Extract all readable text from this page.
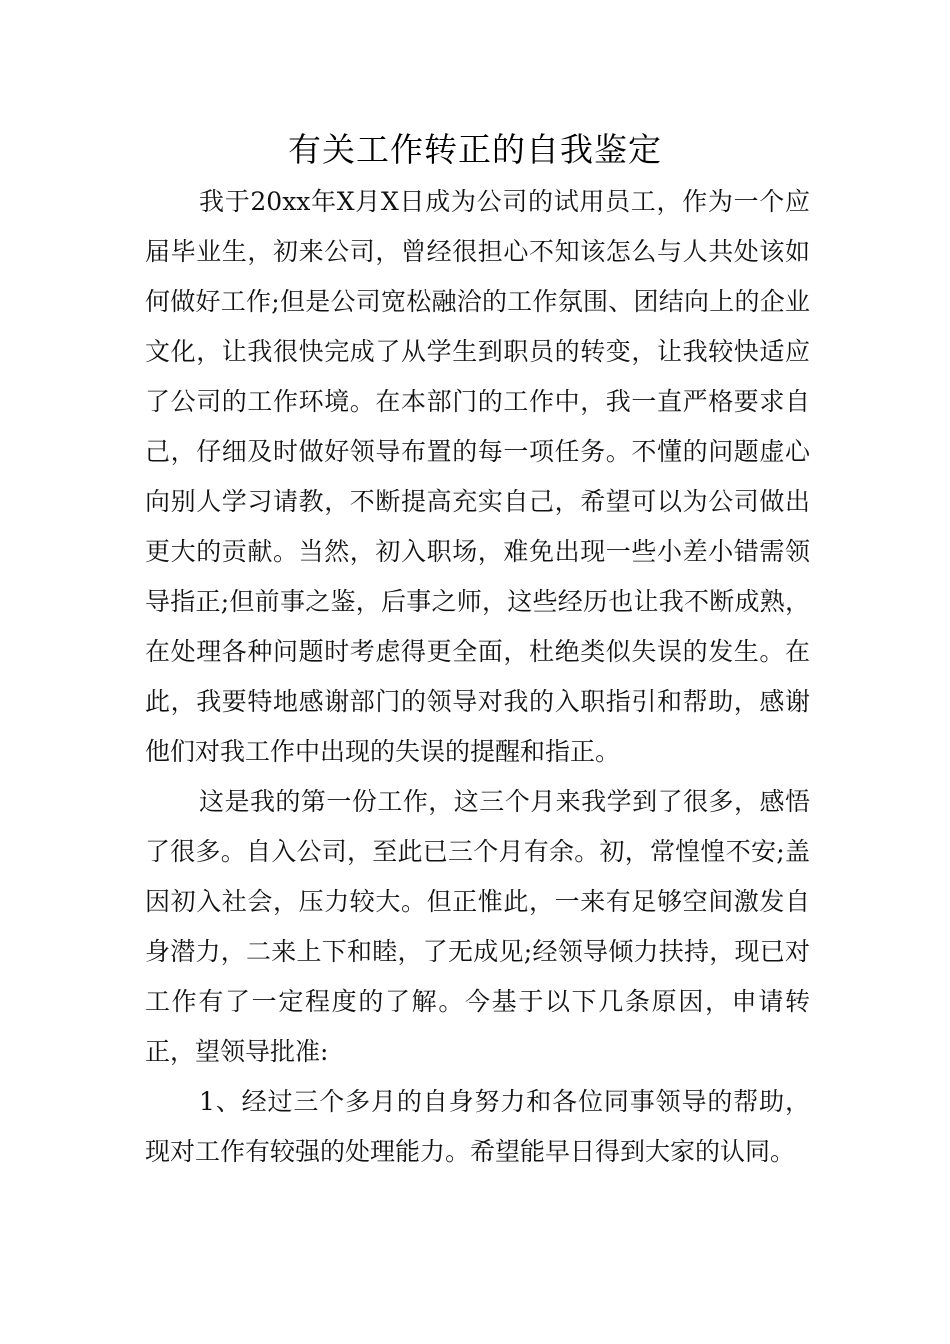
有关工作转正的自我鉴定

我于20xx年X月X日成为公司的试用员工，作为一个应届毕业生，初来公司，曾经很担心不知该怎么与人共处该如何做好工作;但是公司宽松融洽的工作氛围、团结向上的企业文化，让我很快完成了从学生到职员的转变，让我较快适应了公司的工作环境。在本部门的工作中，我一直严格要求自己，仔细及时做好领导布置的每一项任务。不懂的问题虚心向别人学习请教，不断提高充实自己，希望可以为公司做出更大的贡献。当然，初入职场，难免出现一些小差小错需领导指正;但前事之鉴，后事之师，这些经历也让我不断成熟，在处理各种问题时考虑得更全面，杜绝类似失误的发生。在此，我要特地感谢部门的领导对我的入职指引和帮助，感谢他们对我工作中出现的失误的提醒和指正。

这是我的第一份工作，这三个月来我学到了很多，感悟了很多。自入公司，至此已三个月有余。初，常惶惶不安;盖因初入社会，压力较大。但正惟此，一来有足够空间激发自身潜力，二来上下和睦，了无成见;经领导倾力扶持，现已对工作有了一定程度的了解。今基于以下几条原因，申请转正，望领导批准:

1、经过三个多月的自身努力和各位同事领导的帮助，现对工作有较强的处理能力。希望能早日得到大家的认同。
